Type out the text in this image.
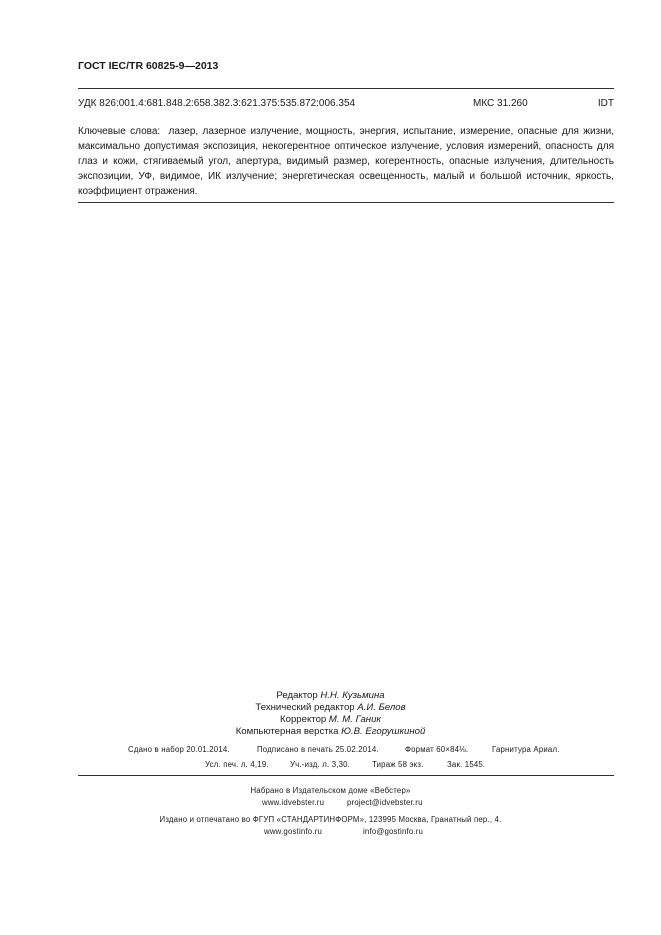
ГОСТ IEC/TR 60825-9—2013
УДК 826:001.4:681.848.2:658.382.3:621.375:535.872:006.354	МКС 31.260	IDT
Ключевые слова: лазер, лазерное излучение, мощность, энергия, испытание, измерение, опасные для жизни, максимально допустимая экспозиция, некогерентное оптическое излучение, условия измерений, опасность для глаз и кожи, стягиваемый угол, апертура, видимый размер, когерентность, опасные излучения, длительность экспозиции, УФ, видимое, ИК излучение; энергетическая освещенность, малый и большой источник, яркость, коэффициент отражения.
Редактор Н.Н. Кузьмина
Технический редактор А.И. Белов
Корректор М. М. Ганик
Компьютерная верстка Ю.В. Егорушкиной
Сдано в набор 20.01.2014.	Подписано в печать 25.02.2014.	Формат 60×84⅛.	Гарнитура Ариал.
Усл. печ. л. 4,19.	Уч.-изд. л. 3,30.	Тираж 58 экз.	Зак. 1545.
Набрано в Издательском доме «Вебстер»
www.idvebster.ru	project@idvebster.ru
Издано и отпечатано во ФГУП «СТАНДАРТИНФОРМ», 123995 Москва, Гранатный пер., 4.
www.gostinfo.ru	info@gostinfo.ru
